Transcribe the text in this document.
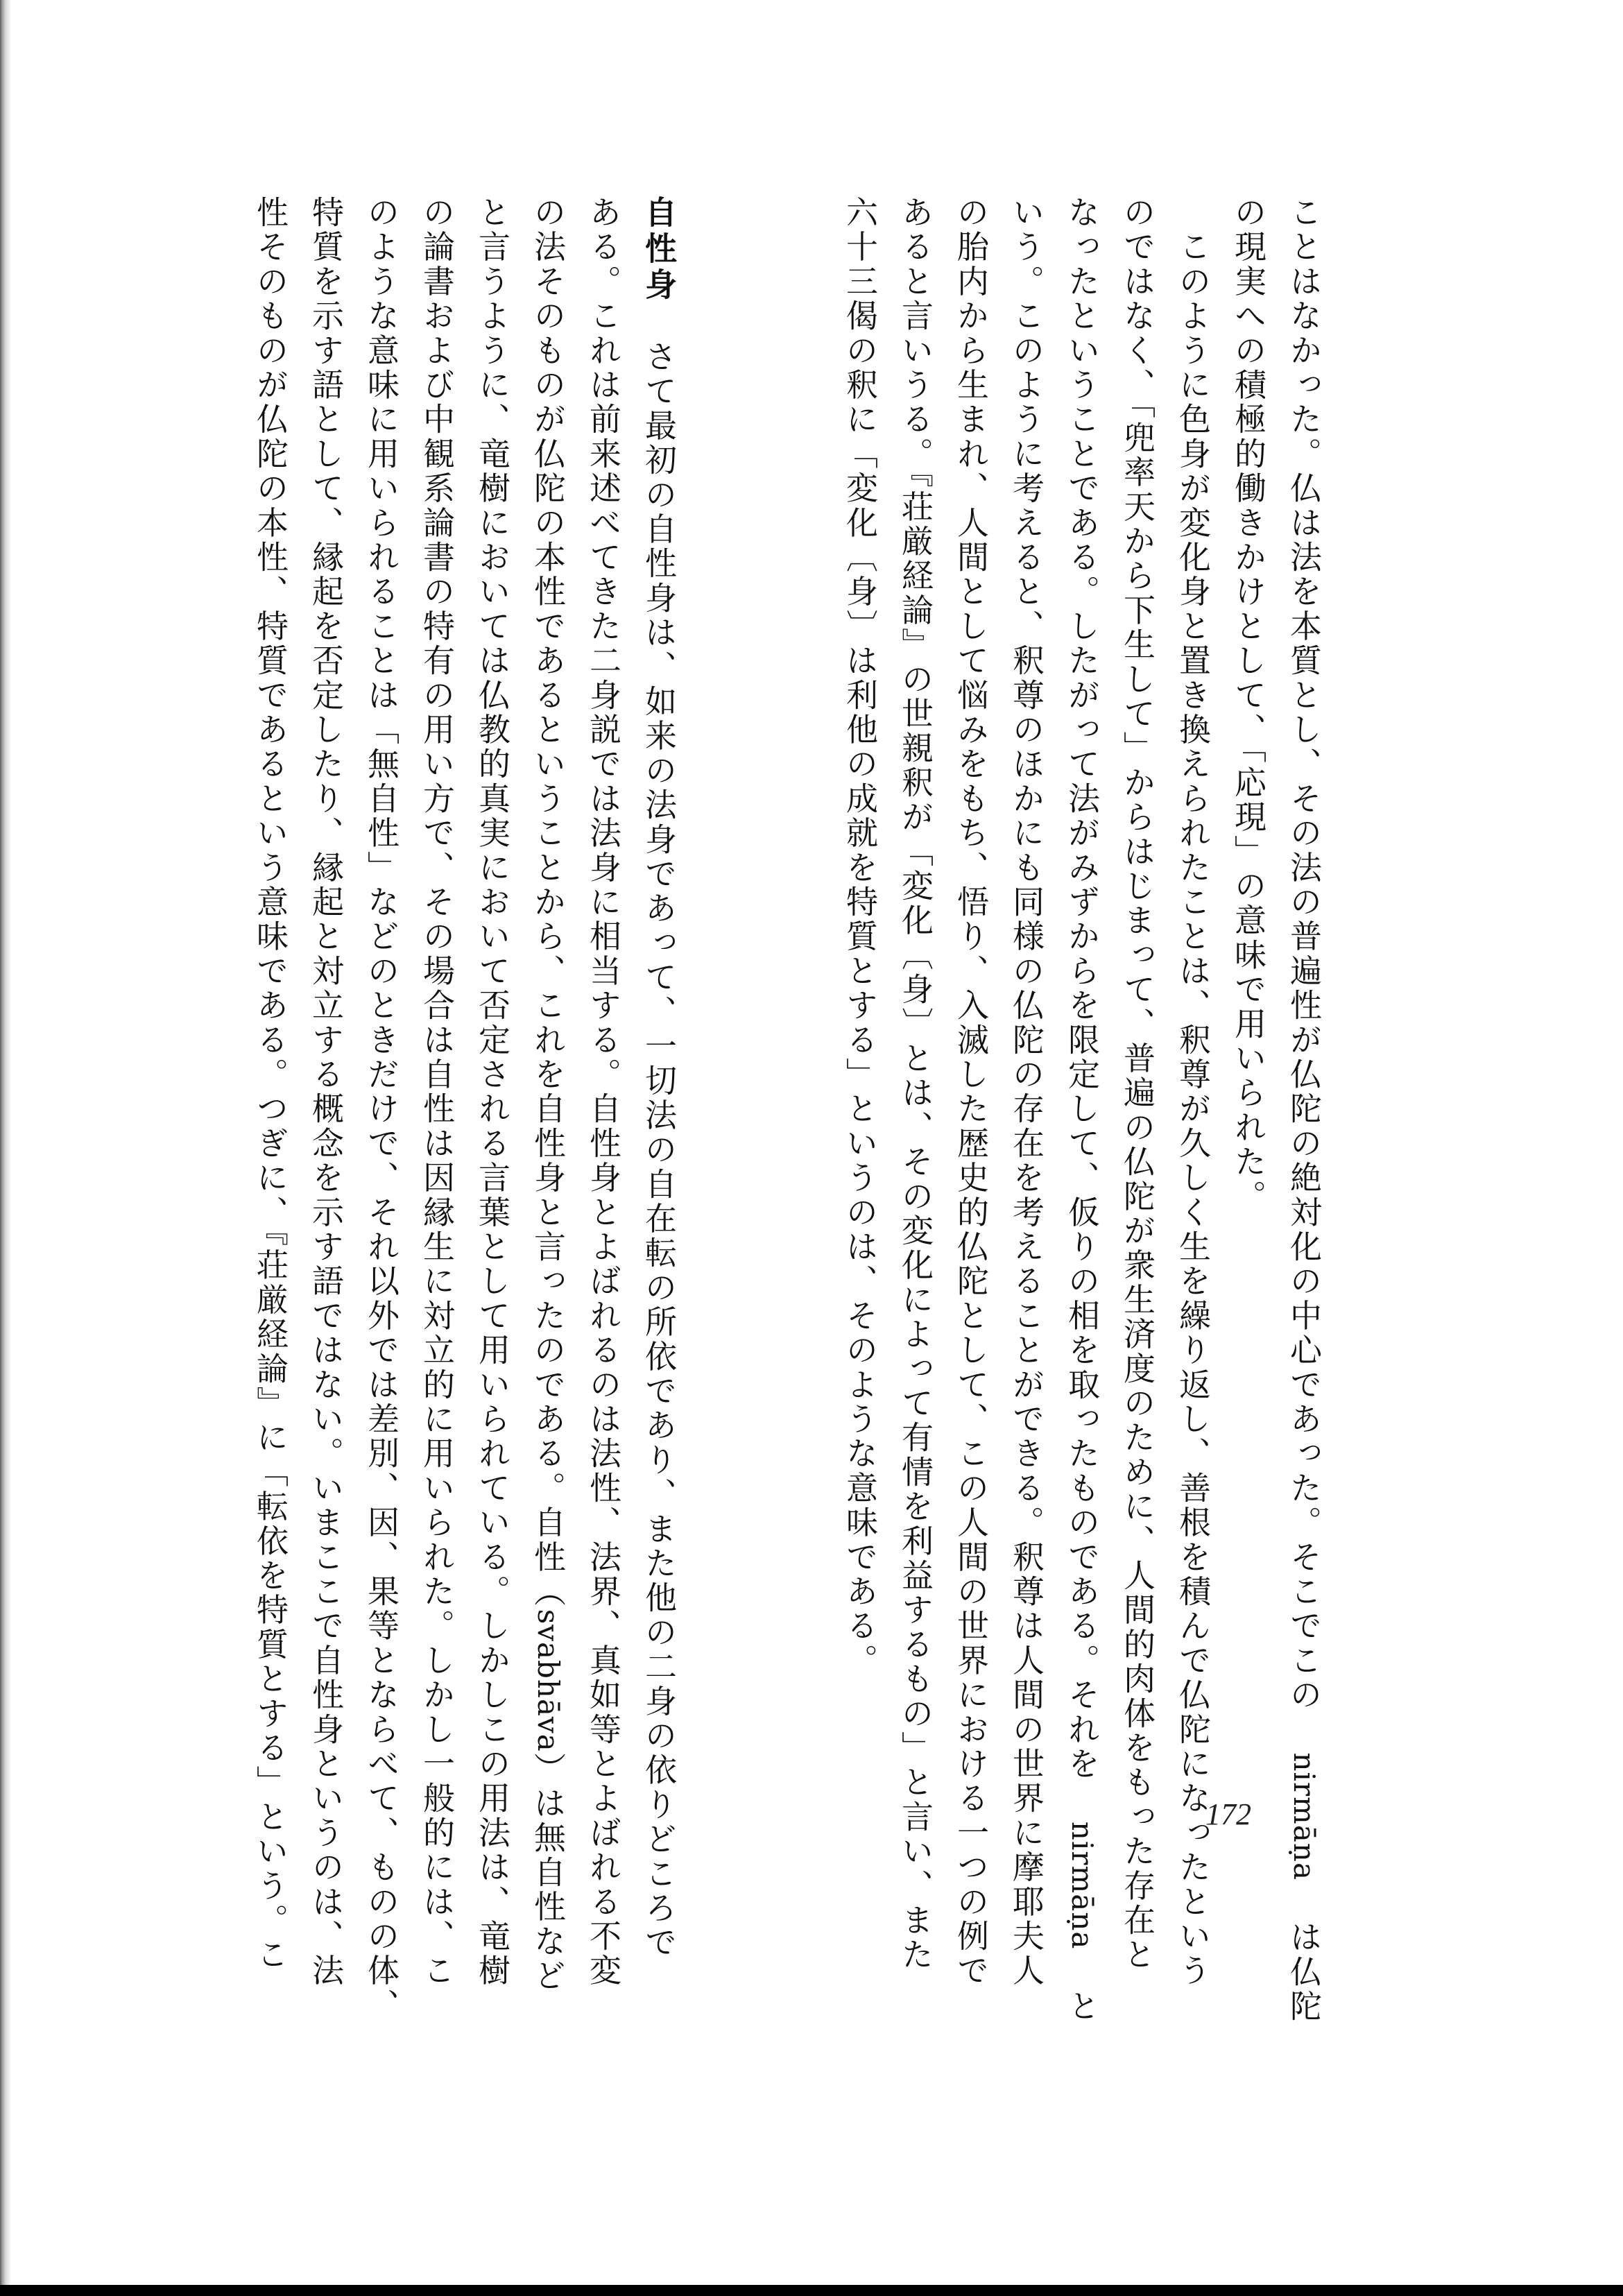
ことはなかった。仏は法を本質とし、その法の普遍性が仏陀の絶対化の中心であった。そこでこの nirmāṇa は仏陀
の現実への積極的働きかけとして、「応現」の意味で用いられた。
　このように色身が変化身と置き換えられたことは、釈尊が久しく生を繰り返し、善根を積んで仏陀になったという
のではなく、「兜率天から下生して」からはじまって、普遍の仏陀が衆生済度のために、人間的肉体をもった存在と
なったということである。したがって法がみずからを限定して、仮りの相を取ったものである。それを nirmāṇa と
いう。このように考えると、釈尊のほかにも同様の仏陀の存在を考えることができる。釈尊は人間の世界に摩耶夫人
の胎内から生まれ、人間として悩みをもち、悟り、入滅した歴史的仏陀として、この人間の世界における一つの例で
あると言いうる。『荘厳経論』の世親釈が「変化〔身〕とは、その変化によって有情を利益するもの」と言い、また
六十三偈の釈に「変化〔身〕は利他の成就を特質とする」というのは、そのような意味である。
自性身さて最初の自性身は、如来の法身であって、一切法の自在転の所依であり、また他の二身の依りどころで
ある。これは前来述べてきた二身説では法身に相当する。自性身とよばれるのは法性、法界、真如等とよばれる不変
の法そのものが仏陀の本性であるということから、これを自性身と言ったのである。自性（svabhāva）は無自性など
と言うように、竜樹においては仏教的真実において否定される言葉として用いられている。しかしこの用法は、竜樹
の論書および中観系論書の特有の用い方で、その場合は自性は因縁生に対立的に用いられた。しかし一般的には、こ
のような意味に用いられることは「無自性」などのときだけで、それ以外では差別、因、果等とならべて、ものの体、
特質を示す語として、縁起を否定したり、縁起と対立する概念を示す語ではない。いまここで自性身というのは、法
性そのものが仏陀の本性、特質であるという意味である。つぎに、『荘厳経論』に「転依を特質とする」という。こ	172
